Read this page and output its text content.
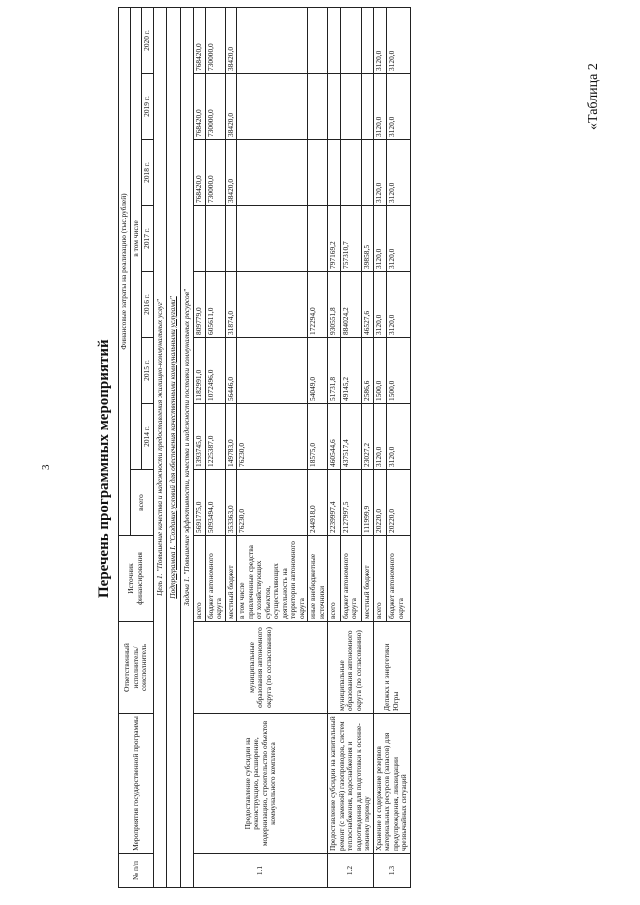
3	Перечень программных мероприятий
«Таблица 2
№ п/п	Мероприятия государственной программы	Ответственный исполнитель/ соисполнитель	Источник финансирования	Финансовые затраты на реализацию (тыс.рублей)							
				всего	в том числе						
					2014 г.	2015 г.	2016 г.	2017 г.	2018 г.	2019 г.	2020 г.
Цель 1. "Повышение качества и надежности предоставления жилищно-коммунальных услуг"											
Подпрограмма I. "Создание условий для обеспечения качественными коммунальными услугами"											
Задача 1. "Повышение эффективности, качества и надежности поставки коммунальных ресурсов"											
1.1	Предоставление субсидии на реконструкцию, расширение, модернизацию, строительство объектов коммунального комплекса	муниципальные образования автономного округа (по согласованию)	всего	5691775,0	1393745,0	1182991,0	809779,0		768420,0	768420,0	768420,0
			бюджет автономного округа	5093494,0	1225387,0	1072496,0	605611,0		730000,0	730000,0	730000,0
			местный бюджет	353363,0	149783,0	56446,0	31874,0		38420,0	38420,0	38420,0
			в том числе привлеченные средства от хозяйствующих субъектов, осуществляющих деятельность на территории автономного округа	76230,0	76230,0						
			иные внебюджетные источники	244918,0	18575,0	54049,0	172294,0				
1.2	Предоставление субсидии на капитальный ремонт (с заменой) газопроводов, систем теплоснабжения, водоснабжения и водоотведения для подготовки к осенне-зимнему периоду	муниципальные образования автономного округа (по согласованию)	всего	2239997,4	460544,6	51731,8	930551,8	797169,2			
			бюджет автономного округа	2127997,5	437517,4	49145,2	884024,2	757310,7			
			местный бюджет	111999,9	23027,2	2586,6	46527,6	39858,5			
1.3	Хранение и содержание резервов материальных ресурсов (запасов) для предупреждения, ликвидации чрезвычайных ситуаций	Депжкх и энергетики Югры	всего	20220,0	3120,0	1500,0	3120,0	3120,0	3120,0	3120,0	3120,0
			бюджет автономного округа	20220,0	3120,0	1500,0	3120,0	3120,0	3120,0	3120,0	3120,0
